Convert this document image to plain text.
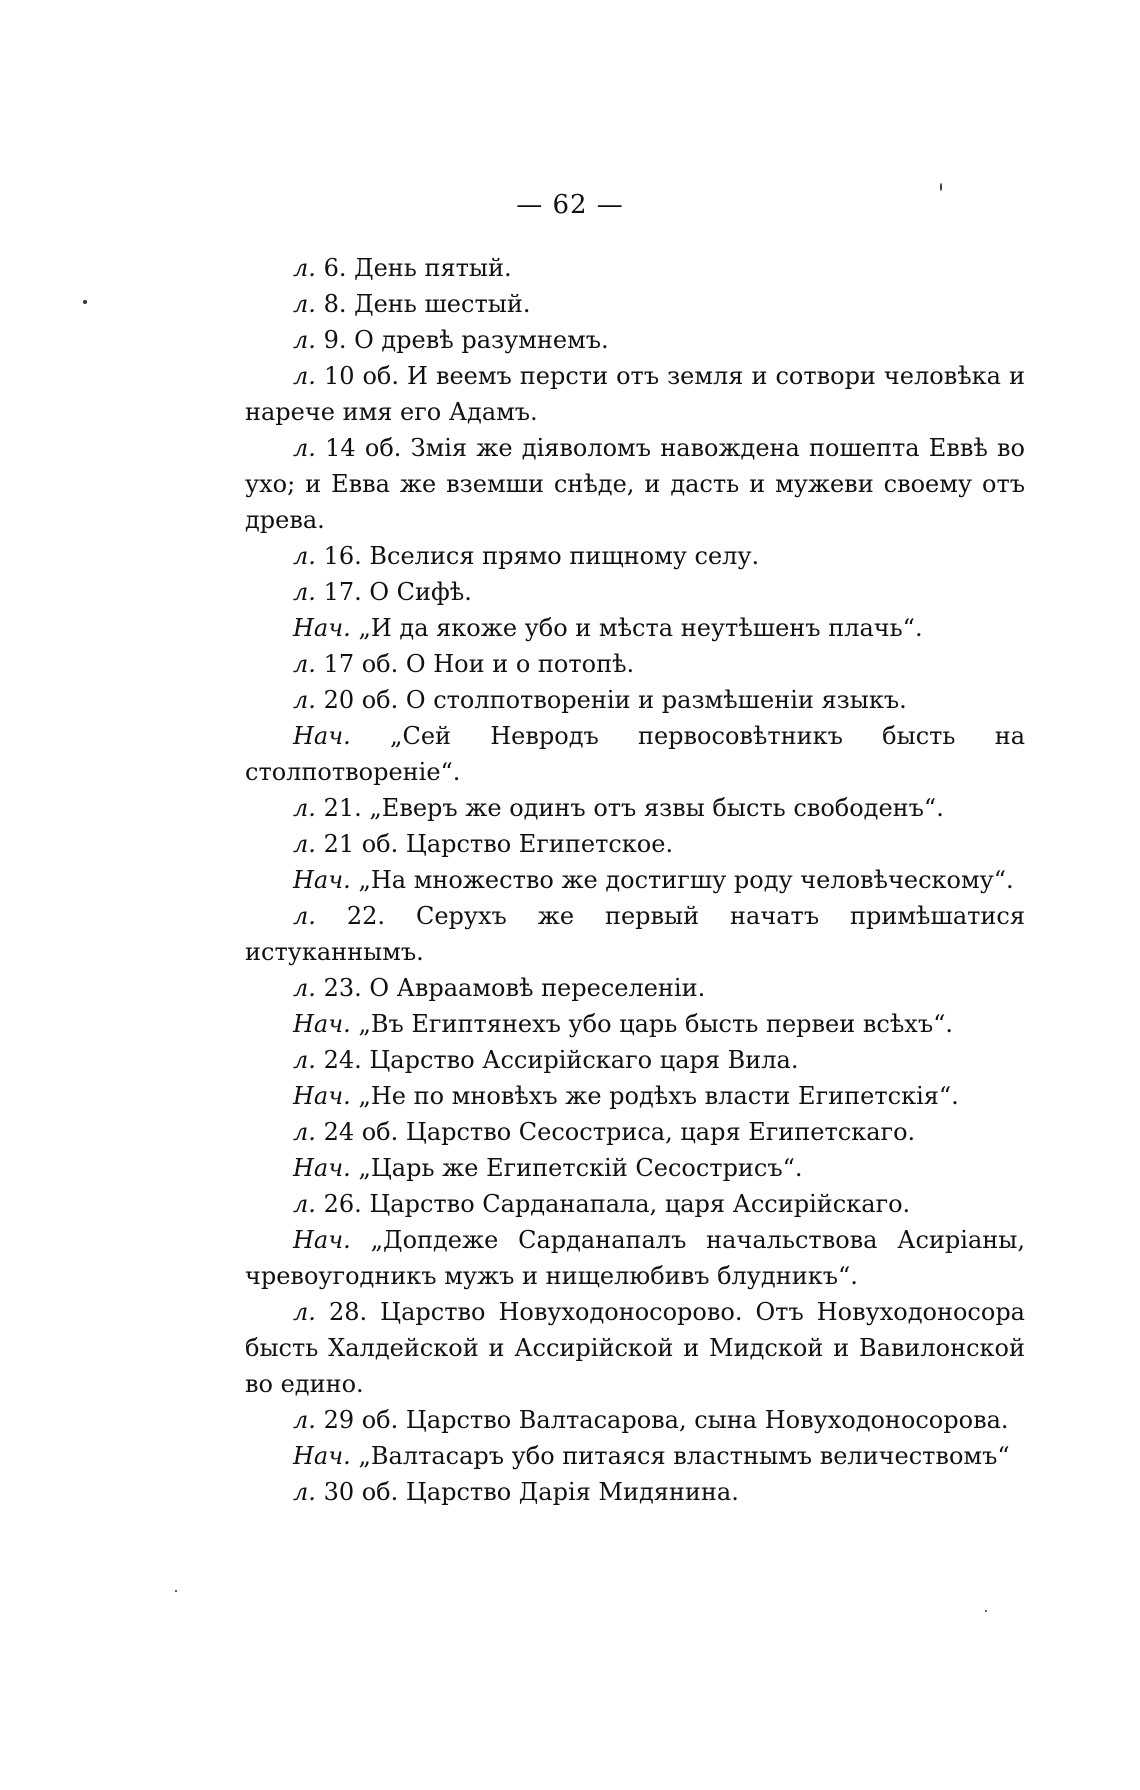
— 62 —

л. 6. День пятый.

л. 8. День шестый.

л. 9. О древѣ разумнемъ.

л. 10 об. И веемъ персти отъ земля и сотвори человѣка и нарече имя его Адамъ.

л. 14 об. Змія же діяволомъ навождена пошепта Еввѣ во ухо; и Евва же вземши снѣде, и дасть и мужеви своему отъ древа.

л. 16. Вселися прямо пищному селу.

л. 17. О Сифѣ.

Нач. „И да якоже убо и мѣста неутѣшенъ плачь“.

л. 17 об. О Нои и о потопѣ.

л. 20 об. О столпотвореніи и размѣшеніи языкъ.

Нач. „Сей Невродъ первосовѣтникъ бысть на столпотвореніе“.

л. 21. „Еверъ же одинъ отъ язвы бысть свободенъ“.

л. 21 об. Царство Египетское.

Нач. „На множество же достигшу роду человѣческому“.

л. 22. Серухъ же первый начатъ примѣшатися истуканнымъ.

л. 23. О Авраамовѣ переселеніи.

Нач. „Въ Египтянехъ убо царь бысть первеи всѣхъ“.

л. 24. Царство Ассирійскаго царя Вила.

Нач. „Не по мновѣхъ же родѣхъ власти Египетскія“.

л. 24 об. Царство Сесостриса, царя Египетскаго.

Нач. „Царь же Египетскій Сесострисъ“.

л. 26. Царство Сарданапала, царя Ассирійскаго.

Нач. „Допдеже Сарданапалъ начальствова Асиріаны, чревоугодникъ мужъ и нищелюбивъ блудникъ“.

л. 28. Царство Новуходоносорово. Отъ Новуходоносора бысть Халдейской и Ассирійской и Мидской и Вавилонской во едино.

л. 29 об. Царство Валтасарова, сына Новуходоносорова.

Нач. „Валтасаръ убо питаяся властнымъ величествомъ“

л. 30 об. Царство Дарія Мидянина.
